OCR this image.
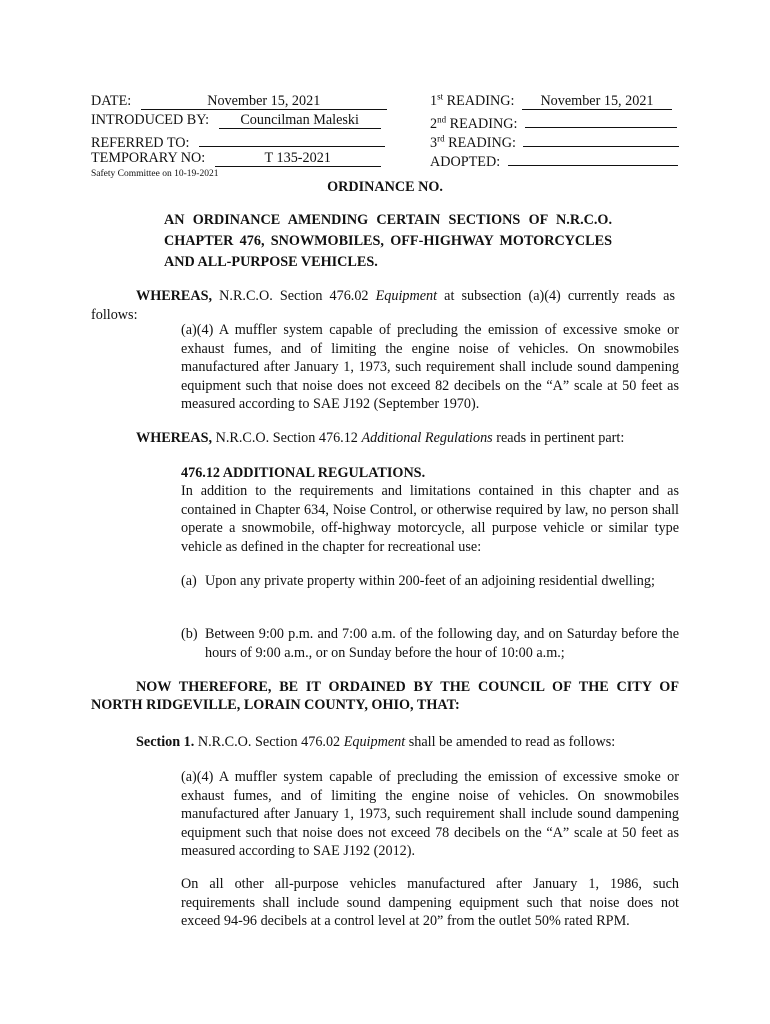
DATE:	November 15, 2021
INTRODUCED BY: Councilman Maleski
REFERRED TO:
TEMPORARY NO:	T 135-2021
Safety Committee on 10-19-2021
1st READING: November 15, 2021
2nd READING:
3rd READING:
ADOPTED:
ORDINANCE NO.
AN ORDINANCE AMENDING CERTAIN SECTIONS OF N.R.C.O. CHAPTER 476, SNOWMOBILES, OFF-HIGHWAY MOTORCYCLES AND ALL-PURPOSE VEHICLES.
WHEREAS, N.R.C.O. Section 476.02 Equipment at subsection (a)(4) currently reads as follows:
(a)(4) A muffler system capable of precluding the emission of excessive smoke or exhaust fumes, and of limiting the engine noise of vehicles. On snowmobiles manufactured after January 1, 1973, such requirement shall include sound dampening equipment such that noise does not exceed 82 decibels on the “A” scale at 50 feet as measured according to SAE J192 (September 1970).
WHEREAS, N.R.C.O. Section 476.12 Additional Regulations reads in pertinent part:
476.12 ADDITIONAL REGULATIONS.
In addition to the requirements and limitations contained in this chapter and as contained in Chapter 634, Noise Control, or otherwise required by law, no person shall operate a snowmobile, off-highway motorcycle, all purpose vehicle or similar type vehicle as defined in the chapter for recreational use:
(a) Upon any private property within 200-feet of an adjoining residential dwelling;
(b) Between 9:00 p.m. and 7:00 a.m. of the following day, and on Saturday before the hours of 9:00 a.m., or on Sunday before the hour of 10:00 a.m.;
NOW THEREFORE, BE IT ORDAINED BY THE COUNCIL OF THE CITY OF NORTH RIDGEVILLE, LORAIN COUNTY, OHIO, THAT:
Section 1. N.R.C.O. Section 476.02 Equipment shall be amended to read as follows:
(a)(4) A muffler system capable of precluding the emission of excessive smoke or exhaust fumes, and of limiting the engine noise of vehicles. On snowmobiles manufactured after January 1, 1973, such requirement shall include sound dampening equipment such that noise does not exceed 78 decibels on the “A” scale at 50 feet as measured according to SAE J192 (2012).
On all other all-purpose vehicles manufactured after January 1, 1986, such requirements shall include sound dampening equipment such that noise does not exceed 94-96 decibels at a control level at 20” from the outlet 50% rated RPM.
